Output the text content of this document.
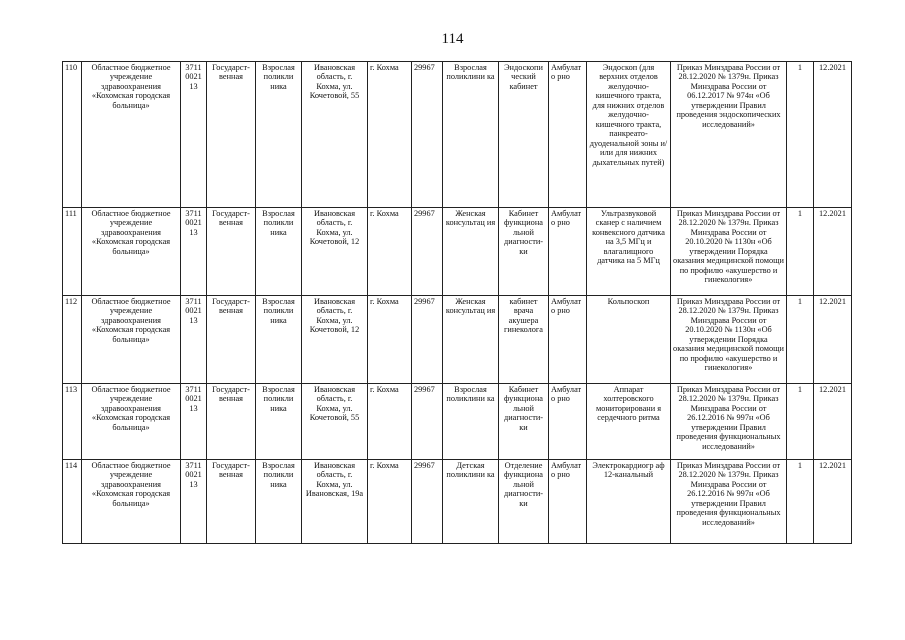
114
110	Областное бюджетное учреждение здравоохранения «Кохомская городская больница»	3711 0021 13	Государст-венная	Взрослая поликли ника	Ивановская область, г. Кохма, ул. Кочетовой, 55	г. Кохма	29967	Взрослая поликлини ка	Эндоскопи ческий кабинет	Амбулато рно	Эндоскоп (для верхних отделов желудочно-кишечного тракта, для нижних отделов желудочно-кишечного тракта, панкреато-дуоденальной зоны и/или для нижних дыхательных путей)	Приказ Минздрава России от 28.12.2020 № 1379н. Приказ Минздрава России от 06.12.2017 № 974н «Об утверждении Правил проведения эндоскопических исследований»	1	12.2021
111	Областное бюджетное учреждение здравоохранения «Кохомская городская больница»	3711 0021 13	Государст-венная	Взрослая поликли ника	Ивановская область, г. Кохма, ул. Кочетовой, 12	г. Кохма	29967	Женская консультац ия	Кабинет функциона льной диагности-ки	Амбулато рно	Ультразвуковой сканер с наличием конвексного датчика на 3,5 МГц и влагалищного датчика на 5 МГц	Приказ Минздрава России от 28.12.2020 № 1379н. Приказ Минздрава России от 20.10.2020 № 1130н «Об утверждении Порядка оказания медицинской помощи по профилю «акушерство и гинекология»	1	12.2021
112	Областное бюджетное учреждение здравоохранения «Кохомская городская больница»	3711 0021 13	Государст-венная	Взрослая поликли ника	Ивановская область, г. Кохма, ул. Кочетовой, 12	г. Кохма	29967	Женская консультац ия	кабинет врача акушера гинеколога	Амбулато рно	Кольпоскоп	Приказ Минздрава России от 28.12.2020 № 1379н. Приказ Минздрава России от 20.10.2020 № 1130н «Об утверждении Порядка оказания медицинской помощи по профилю «акушерство и гинекология»	1	12.2021
113	Областное бюджетное учреждение здравоохранения «Кохомская городская больница»	3711 0021 13	Государст-венная	Взрослая поликли ника	Ивановская область, г. Кохма, ул. Кочетовой, 55	г. Кохма	29967	Взрослая поликлини ка	Кабинет функциона льной диагности-ки	Амбулато рно	Аппарат холтеровского мониторировани я сердечного ритма	Приказ Минздрава России от 28.12.2020 № 1379н. Приказ Минздрава России от 26.12.2016 № 997н «Об утверждении Правил проведения функциональных исследований»	1	12.2021
114	Областное бюджетное учреждение здравоохранения «Кохомская городская больница»	3711 0021 13	Государст-венная	Взрослая поликли ника	Ивановская область, г. Кохма, ул. Ивановская, 19а	г. Кохма	29967	Детская поликлини ка	Отделение функциона льной диагности-ки	Амбулато рно	Электрокардиогр аф 12-канальный	Приказ Минздрава России от 28.12.2020 № 1379н. Приказ Минздрава России от 26.12.2016 № 997н «Об утверждении Правил проведения функциональных исследований»	1	12.2021
